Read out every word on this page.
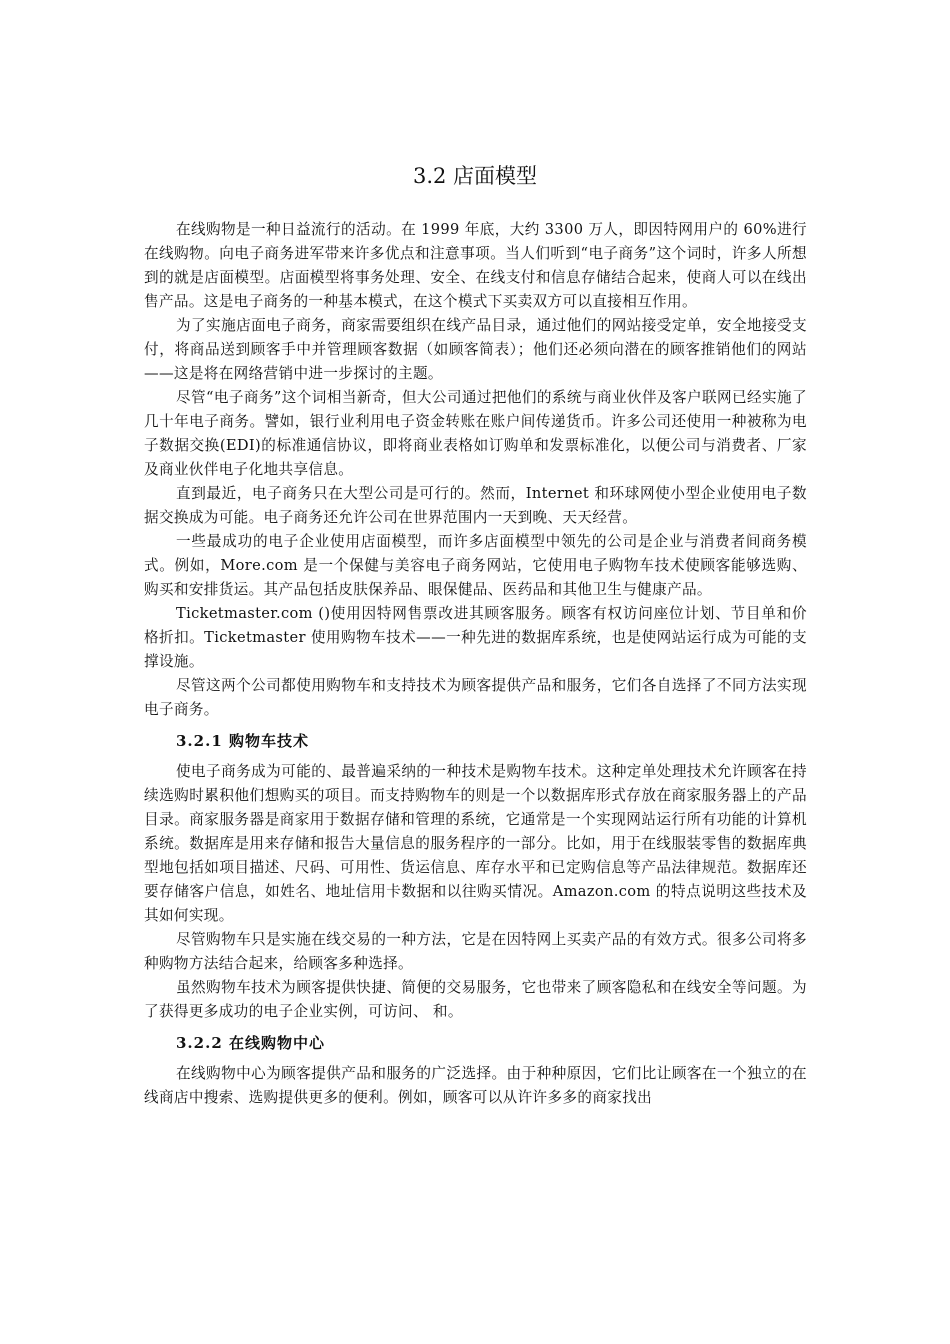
3.2 店面模型

在线购物是一种日益流行的活动。在 1999 年底，大约 3300 万人，即因特网用户的 60%进行在线购物。向电子商务进军带来许多优点和注意事项。当人们听到“电子商务”这个词时，许多人所想到的就是店面模型。店面模型将事务处理、安全、在线支付和信息存储结合起来，使商人可以在线出售产品。这是电子商务的一种基本模式，在这个模式下买卖双方可以直接相互作用。

为了实施店面电子商务，商家需要组织在线产品目录，通过他们的网站接受定单，安全地接受支付，将商品送到顾客手中并管理顾客数据（如顾客简表）；他们还必须向潜在的顾客推销他们的网站——这是将在网络营销中进一步探讨的主题。

尽管“电子商务”这个词相当新奇，但大公司通过把他们的系统与商业伙伴及客户联网已经实施了几十年电子商务。譬如，银行业利用电子资金转账在账户间传递货币。许多公司还使用一种被称为电子数据交换(EDI)的标准通信协议，即将商业表格如订购单和发票标准化，以便公司与消费者、厂家及商业伙伴电子化地共享信息。

直到最近，电子商务只在大型公司是可行的。然而，Internet 和环球网使小型企业使用电子数据交换成为可能。电子商务还允许公司在世界范围内一天到晚、天天经营。

一些最成功的电子企业使用店面模型，而许多店面模型中领先的公司是企业与消费者间商务模式。例如，More.com 是一个保健与美容电子商务网站，它使用电子购物车技术使顾客能够选购、购买和安排货运。其产品包括皮肤保养品、眼保健品、医药品和其他卫生与健康产品。

Ticketmaster.com ()使用因特网售票改进其顾客服务。顾客有权访问座位计划、节目单和价格折扣。Ticketmaster 使用购物车技术——一种先进的数据库系统，也是使网站运行成为可能的支撑设施。

尽管这两个公司都使用购物车和支持技术为顾客提供产品和服务，它们各自选择了不同方法实现电子商务。

3.2.1 购物车技术

使电子商务成为可能的、最普遍采纳的一种技术是购物车技术。这种定单处理技术允许顾客在持续选购时累积他们想购买的项目。而支持购物车的则是一个以数据库形式存放在商家服务器上的产品目录。商家服务器是商家用于数据存储和管理的系统，它通常是一个实现网站运行所有功能的计算机系统。数据库是用来存储和报告大量信息的服务程序的一部分。比如，用于在线服装零售的数据库典型地包括如项目描述、尺码、可用性、货运信息、库存水平和已定购信息等产品法律规范。数据库还要存储客户信息，如姓名、地址信用卡数据和以往购买情况。Amazon.com 的特点说明这些技术及其如何实现。

尽管购物车只是实施在线交易的一种方法，它是在因特网上买卖产品的有效方式。很多公司将多种购物方法结合起来，给顾客多种选择。

虽然购物车技术为顾客提供快捷、简便的交易服务，它也带来了顾客隐私和在线安全等问题。为了获得更多成功的电子企业实例，可访问、 和。

3.2.2 在线购物中心

在线购物中心为顾客提供产品和服务的广泛选择。由于种种原因，它们比让顾客在一个独立的在线商店中搜索、选购提供更多的便利。例如，顾客可以从许许多多的商家找出
